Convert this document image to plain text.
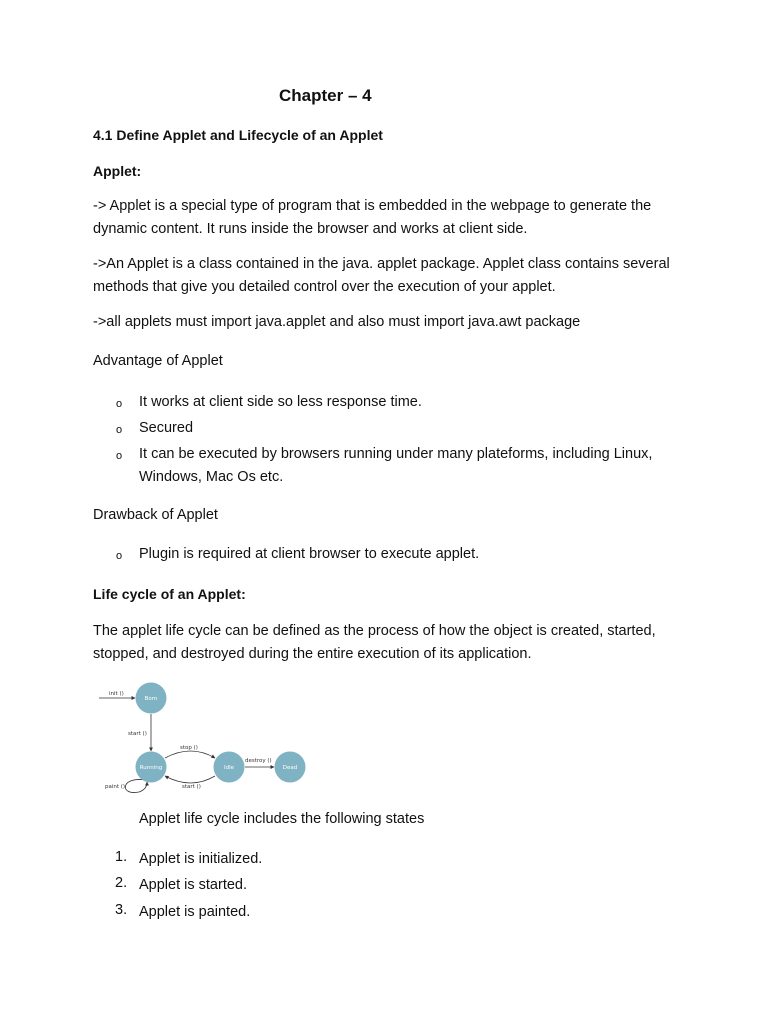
Chapter – 4
4.1 Define Applet and Lifecycle of an Applet
Applet:
-> Applet is a special type of program that is embedded in the webpage to generate the
dynamic content. It runs inside the browser and works at client side.
->An Applet is a class contained in the java. applet package. Applet class contains several
methods that give you detailed control over the execution of your applet.
->all applets must import java.applet and also must import java.awt package
Advantage of Applet
o It works at client side so less response time.
o Secured
o It can be executed by browsers running under many plateforms, including Linux,
Windows, Mac Os etc.
Drawback of Applet
o Plugin is required at client browser to execute applet.
Life cycle of an Applet:
The applet life cycle can be defined as the process of how the object is created, started,
stopped, and destroyed during the entire execution of its application.
init ()
start ()
stop ()
start ()
destroy ()
paint ()
Born
Running	Idle	Dead
Applet life cycle includes the following states
1. Applet is initialized.
2. Applet is started.
3. Applet is painted.
